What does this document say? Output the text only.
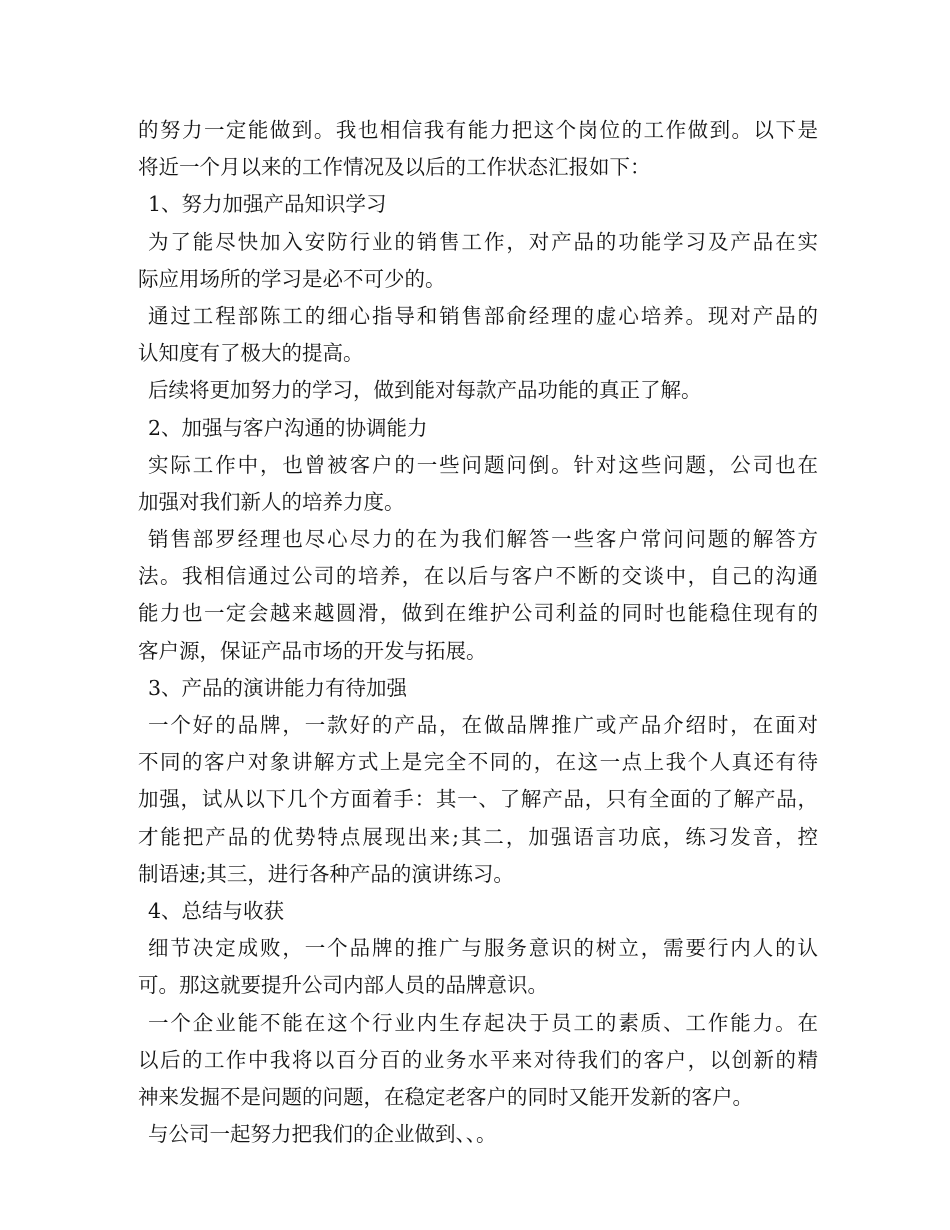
的努力一定能做到。我也相信我有能力把这个岗位的工作做到。以下是
将近一个月以来的工作情况及以后的工作状态汇报如下：
1、努力加强产品知识学习
为了能尽快加入安防行业的销售工作，对产品的功能学习及产品在实
际应用场所的学习是必不可少的。
通过工程部陈工的细心指导和销售部俞经理的虚心培养。现对产品的
认知度有了极大的提高。
后续将更加努力的学习，做到能对每款产品功能的真正了解。
2、加强与客户沟通的协调能力
实际工作中，也曾被客户的一些问题问倒。针对这些问题，公司也在
加强对我们新人的培养力度。
销售部罗经理也尽心尽力的在为我们解答一些客户常问问题的解答方
法。我相信通过公司的培养，在以后与客户不断的交谈中，自己的沟通
能力也一定会越来越圆滑，做到在维护公司利益的同时也能稳住现有的
客户源，保证产品市场的开发与拓展。
3、产品的演讲能力有待加强
一个好的品牌，一款好的产品，在做品牌推广或产品介绍时，在面对
不同的客户对象讲解方式上是完全不同的，在这一点上我个人真还有待
加强，试从以下几个方面着手：其一、了解产品，只有全面的了解产品，
才能把产品的优势特点展现出来;其二，加强语言功底，练习发音，控
制语速;其三，进行各种产品的演讲练习。
4、总结与收获
细节决定成败，一个品牌的推广与服务意识的树立，需要行内人的认
可。那这就要提升公司内部人员的品牌意识。
一个企业能不能在这个行业内生存起决于员工的素质、工作能力。在
以后的工作中我将以百分百的业务水平来对待我们的客户，以创新的精
神来发掘不是问题的问题，在稳定老客户的同时又能开发新的客户。
与公司一起努力把我们的企业做到、、。
